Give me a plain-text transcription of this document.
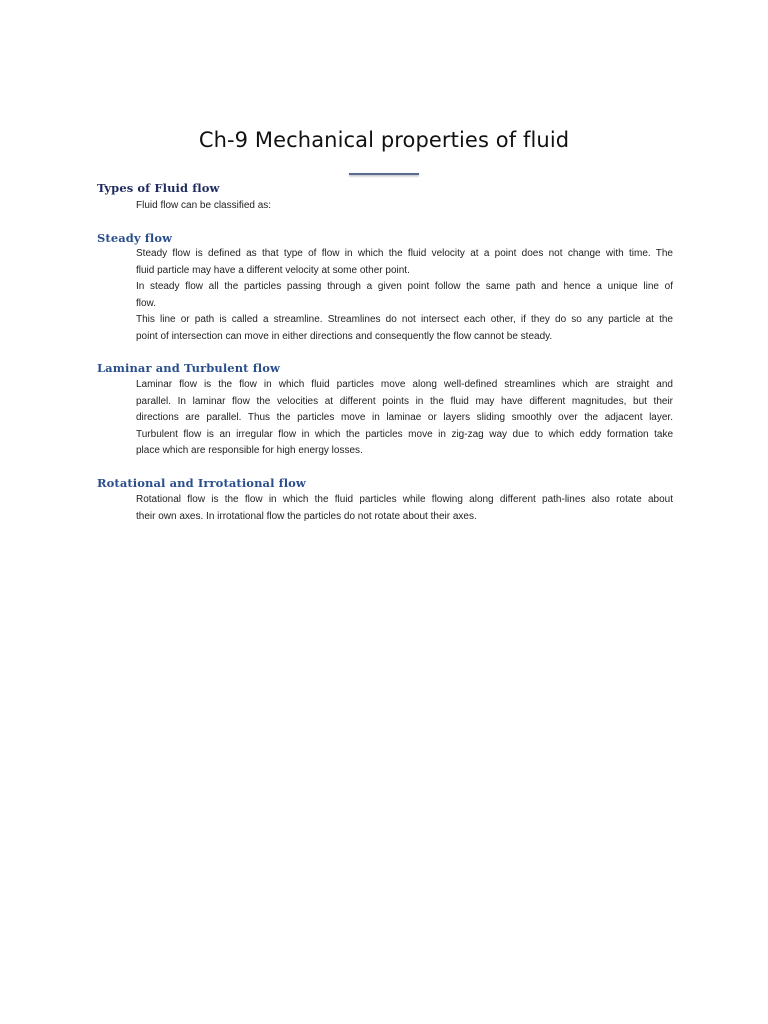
Ch-9 Mechanical properties of fluid
Types of Fluid flow
Fluid flow can be classified as:
Steady flow
Steady flow is defined as that type of flow in which the fluid velocity at a point does not change with time. The
fluid particle may have a different velocity at some other point.
In steady flow all the particles passing through a given point follow the same path and hence a unique line of
flow.
This line or path is called a streamline. Streamlines do not intersect each other, if they do so any particle at the
point of intersection can move in either directions and consequently the flow cannot be steady.
Laminar and Turbulent flow
Laminar flow is the flow in which fluid particles move along well-defined streamlines which are straight and
parallel. In laminar flow the velocities at different points in the fluid may have different magnitudes, but their
directions are parallel. Thus the particles move in laminae or layers sliding smoothly over the adjacent layer.
Turbulent flow is an irregular flow in which the particles move in zig-zag way due to which eddy formation take
place which are responsible for high energy losses.
Rotational and Irrotational flow
Rotational flow is the flow in which the fluid particles while flowing along different path-lines also rotate about
their own axes. In irrotational flow the particles do not rotate about their axes.
